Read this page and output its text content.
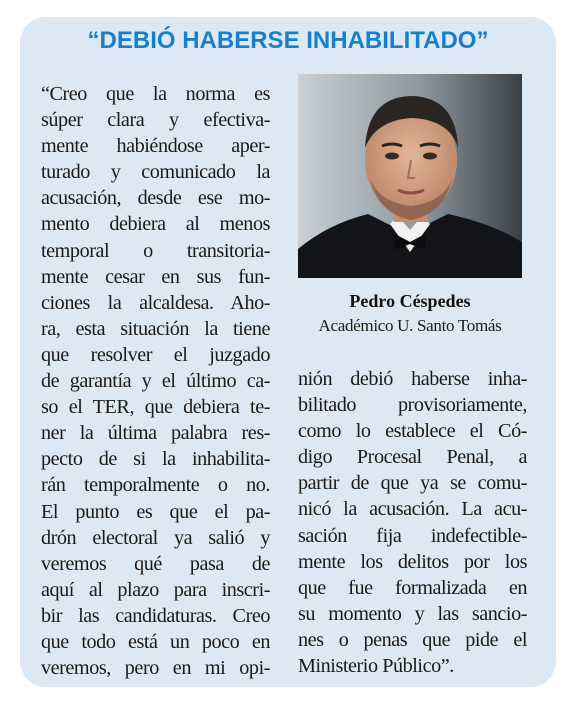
“DEBIÓ HABERSE INHABILITADO”
“Creo que la norma es
súper clara y efectiva-
mente habiéndose aper-
turado y comunicado la
acusación, desde ese mo-
mento debiera al menos
temporal o transitoria-
mente cesar en sus fun-
ciones la alcaldesa. Aho-
ra, esta situación la tiene
que resolver el juzgado
de garantía y el último ca-
so el TER, que debiera te-
ner la última palabra res-
pecto de si la inhabilita-
rán temporalmente o no.
El punto es que el pa-
drón electoral ya salió y
veremos qué pasa de
aquí al plazo para inscri-
bir las candidaturas. Creo
que todo está un poco en
veremos, pero en mi opi-
Pedro Céspedes
Académico U. Santo Tomás
nión debió haberse inha-
bilitado provisoriamente,
como lo establece el Có-
digo Procesal Penal, a
partir de que ya se comu-
nicó la acusación. La acu-
sación fija indefectible-
mente los delitos por los
que fue formalizada en
su momento y las sancio-
nes o penas que pide el
Ministerio Público”.
